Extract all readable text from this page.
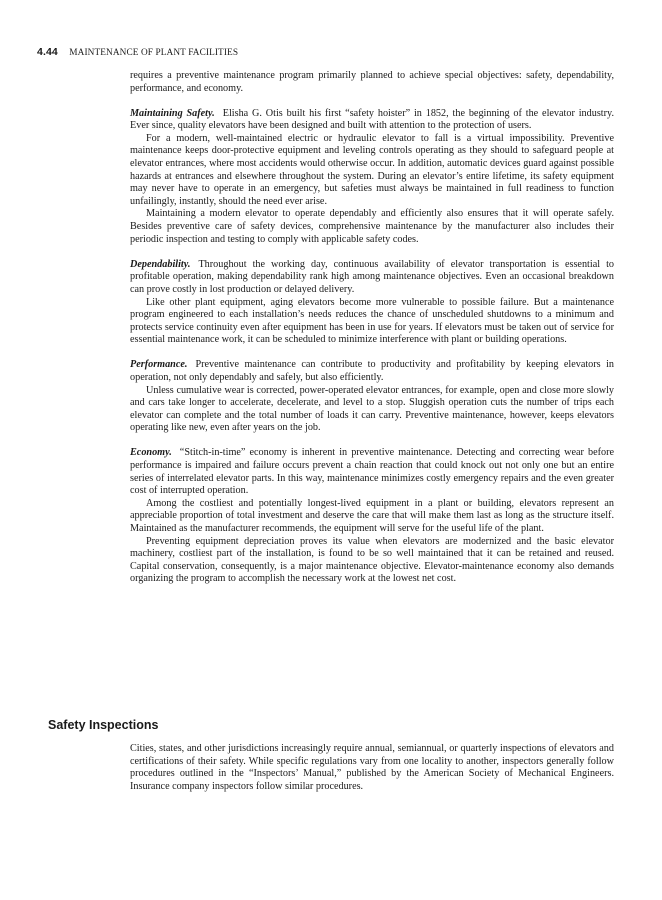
4.44 MAINTENANCE OF PLANT FACILITIES

requires a preventive maintenance program primarily planned to achieve special objectives: safety, dependability, performance, and economy.

Maintaining Safety. Elisha G. Otis built his first “safety hoister” in 1852, the beginning of the elevator industry. Ever since, quality elevators have been designed and built with attention to the protection of users.

For a modern, well-maintained electric or hydraulic elevator to fall is a virtual impossibility. Preventive maintenance keeps door-protective equipment and leveling controls operating as they should to safeguard people at elevator entrances, where most accidents would otherwise occur. In addition, automatic devices guard against possible hazards at entrances and elsewhere throughout the system. During an elevator’s entire lifetime, its safety equipment may never have to operate in an emergency, but safeties must always be maintained in full readiness to function unfailingly, instantly, should the need ever arise.

Maintaining a modern elevator to operate dependably and efficiently also ensures that it will operate safely. Besides preventive care of safety devices, comprehensive maintenance by the manufacturer also includes their periodic inspection and testing to comply with applicable safety codes.

Dependability. Throughout the working day, continuous availability of elevator transportation is essential to profitable operation, making dependability rank high among maintenance objectives. Even an occasional breakdown can prove costly in lost production or delayed delivery.

Like other plant equipment, aging elevators become more vulnerable to possible failure. But a maintenance program engineered to each installation’s needs reduces the chance of unscheduled shutdowns to a minimum and protects service continuity even after equipment has been in use for years. If elevators must be taken out of service for essential maintenance work, it can be scheduled to minimize interference with plant or building operations.

Performance. Preventive maintenance can contribute to productivity and profitability by keeping elevators in operation, not only dependably and safely, but also efficiently.

Unless cumulative wear is corrected, power-operated elevator entrances, for example, open and close more slowly and cars take longer to accelerate, decelerate, and level to a stop. Sluggish operation cuts the number of trips each elevator can complete and the total number of loads it can carry. Preventive maintenance, however, keeps elevators operating like new, even after years on the job.

Economy. “Stitch-in-time” economy is inherent in preventive maintenance. Detecting and correcting wear before performance is impaired and failure occurs prevent a chain reaction that could knock out not only one but an entire series of interrelated elevator parts. In this way, maintenance minimizes costly emergency repairs and the even greater cost of interrupted operation.

Among the costliest and potentially longest-lived equipment in a plant or building, elevators represent an appreciable proportion of total investment and deserve the care that will make them last as long as the structure itself. Maintained as the manufacturer recommends, the equipment will serve for the useful life of the plant.

Preventing equipment depreciation proves its value when elevators are modernized and the basic elevator machinery, costliest part of the installation, is found to be so well maintained that it can be retained and reused. Capital conservation, consequently, is a major maintenance objective. Elevator-maintenance economy also demands organizing the program to accomplish the necessary work at the lowest net cost.

Safety Inspections

Cities, states, and other jurisdictions increasingly require annual, semiannual, or quarterly inspections of elevators and certifications of their safety. While specific regulations vary from one locality to another, inspectors generally follow procedures outlined in the “Inspectors’ Manual,” published by the American Society of Mechanical Engineers. Insurance company inspectors follow similar procedures.
